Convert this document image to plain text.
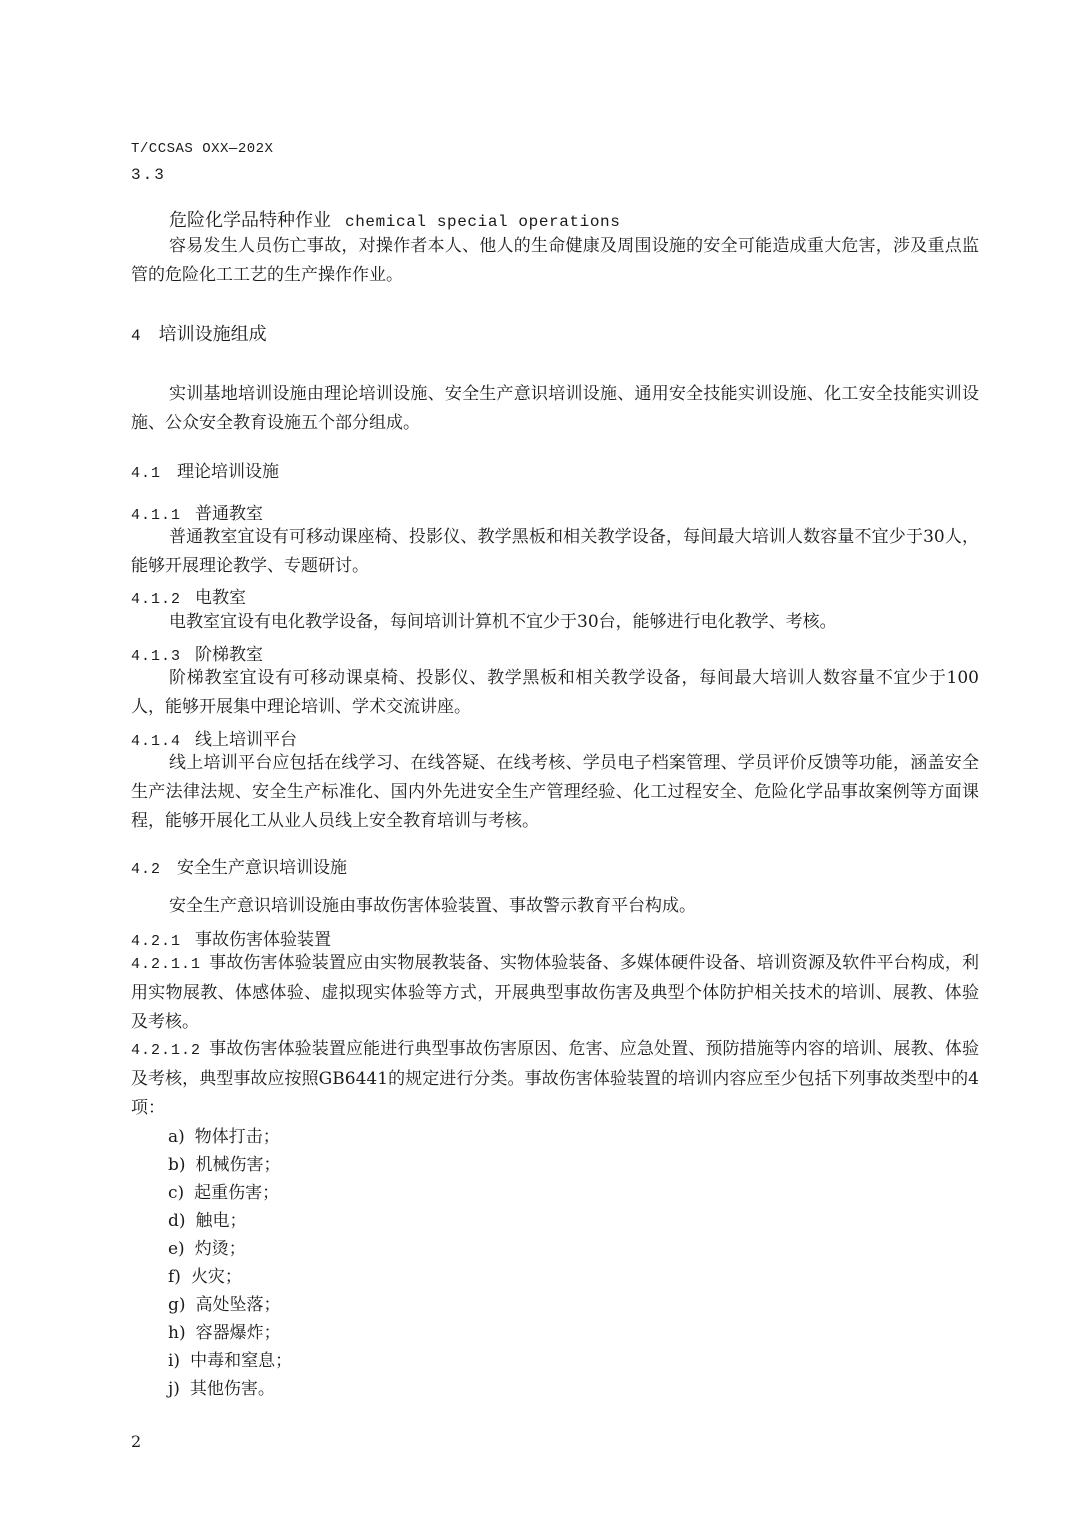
T/CCSAS OXX—202X
3.3
危险化学品特种作业 chemical special operations
容易发生人员伤亡事故，对操作者本人、他人的生命健康及周围设施的安全可能造成重大危害，涉及重点监管的危险化工工艺的生产操作作业。
4 培训设施组成
实训基地培训设施由理论培训设施、安全生产意识培训设施、通用安全技能实训设施、化工安全技能实训设施、公众安全教育设施五个部分组成。
4.1 理论培训设施
4.1.1 普通教室
普通教室宜设有可移动课座椅、投影仪、教学黑板和相关教学设备，每间最大培训人数容量不宜少于30人，能够开展理论教学、专题研讨。
4.1.2 电教室
电教室宜设有电化教学设备，每间培训计算机不宜少于30台，能够进行电化教学、考核。
4.1.3 阶梯教室
阶梯教室宜设有可移动课桌椅、投影仪、教学黑板和相关教学设备，每间最大培训人数容量不宜少于100人，能够开展集中理论培训、学术交流讲座。
4.1.4 线上培训平台
线上培训平台应包括在线学习、在线答疑、在线考核、学员电子档案管理、学员评价反馈等功能，涵盖安全生产法律法规、安全生产标准化、国内外先进安全生产管理经验、化工过程安全、危险化学品事故案例等方面课程，能够开展化工从业人员线上安全教育培训与考核。
4.2 安全生产意识培训设施
安全生产意识培训设施由事故伤害体验装置、事故警示教育平台构成。
4.2.1 事故伤害体验装置
4.2.1.1 事故伤害体验装置应由实物展教装备、实物体验装备、多媒体硬件设备、培训资源及软件平台构成，利用实物展教、体感体验、虚拟现实体验等方式，开展典型事故伤害及典型个体防护相关技术的培训、展教、体验及考核。
4.2.1.2 事故伤害体验装置应能进行典型事故伤害原因、危害、应急处置、预防措施等内容的培训、展教、体验及考核，典型事故应按照GB6441的规定进行分类。事故伤害体验装置的培训内容应至少包括下列事故类型中的4项：
a) 物体打击；
b) 机械伤害；
c) 起重伤害；
d) 触电；
e) 灼烫；
f) 火灾；
g) 高处坠落；
h) 容器爆炸；
i) 中毒和窒息；
j) 其他伤害。
2
